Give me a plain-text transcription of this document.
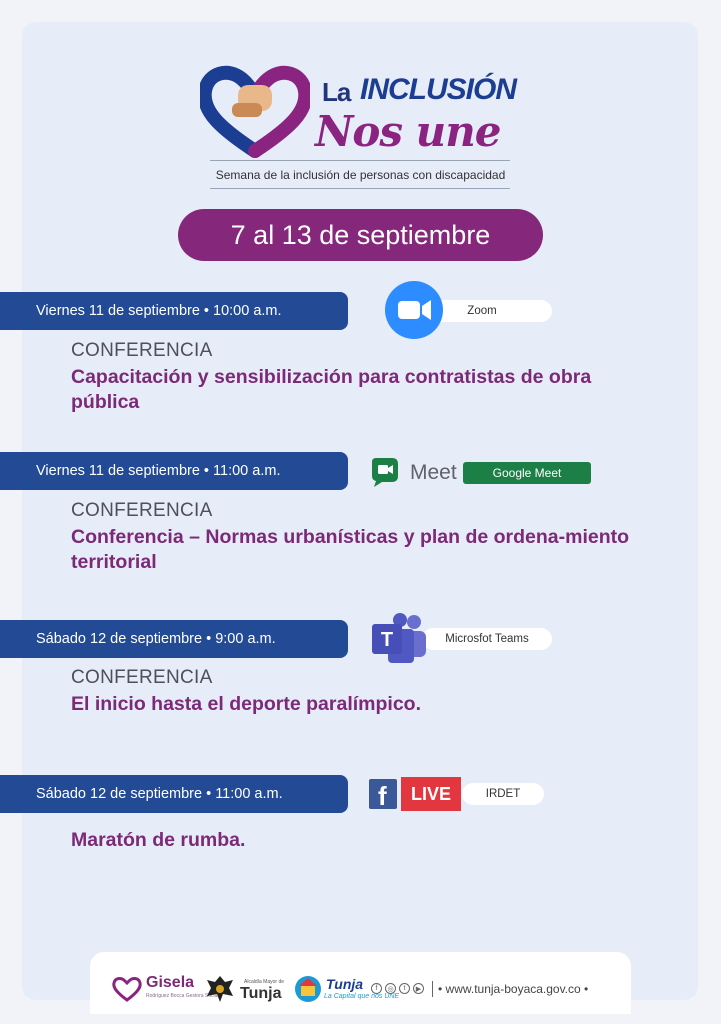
La INCLUSIÓN
Nos une
Semana de la inclusión de personas con discapacidad
7 al 13 de septiembre
Viernes 11 de septiembre • 10:00 a.m.	Zoom
CONFERENCIA
Capacitación y sensibilización para contratistas de obra pública
Viernes 11 de septiembre • 11:00 a.m.	Meet	Google Meet
CONFERENCIA
Conferencia – Normas urbanísticas y plan de ordena-miento territorial
Sábado 12 de septiembre • 9:00 a.m.	Microsfot Teams
T
CONFERENCIA
El inicio hasta el deporte paralímpico.
Sábado 12 de septiembre • 11:00 a.m.	f	LIVE	IRDET
Maratón de rumba.
Gisela
Rodríguez Bocca Gestora Social
Alcaldía Mayor de
Tunja
Tunja
La Capital que nos UNE
f	◎	t	▶ • www.tunja-boyaca.gov.co •
